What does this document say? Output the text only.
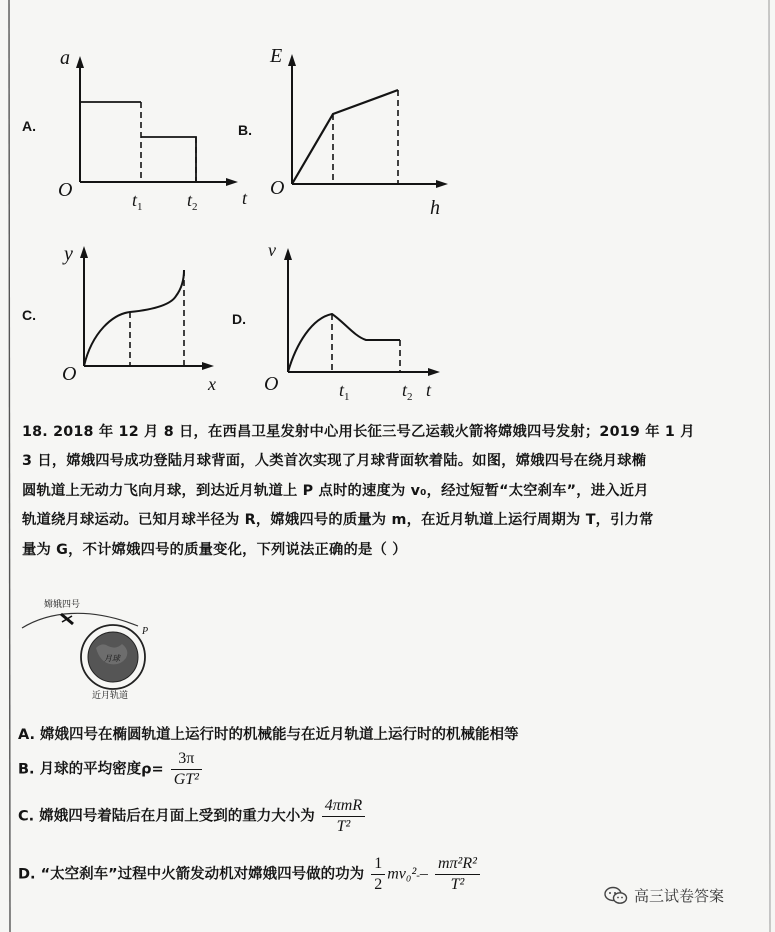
A.
a
O	t
$t_1$ $t_2$
B.
E
O
h
C.
y
O	x
D.
v
O	t
$t_1$	$t_2$
18. 2018 年 12 月 8 日，在西昌卫星发射中心用长征三号乙运载火箭将嫦娥四号发射；2019 年 1 月
3 日，嫦娥四号成功登陆月球背面，人类首次实现了月球背面软着陆。如图，嫦娥四号在绕月球椭
圆轨道上无动力飞向月球，到达近月轨道上 P 点时的速度为 v₀，经过短暂“太空刹车”，进入近月
轨道绕月球运动。已知月球半径为 R，嫦娥四号的质量为 m，在近月轨道上运行周期为 T，引力常
量为 G，不计嫦娥四号的质量变化，下列说法正确的是（ ）
月球
P
嫦娥四号
近月轨道
A. 嫦娥四号在椭圆轨道上运行时的机械能与在近月轨道上运行时的机械能相等
B. 月球的平均密度$\rho= \frac{3\pi}{\text{GT²}}$
C. 嫦娥四号着陆后在月面上受到的重力大小为 $\frac{\text{4πmR}}{\text{T²}}$
D. “太空刹车”过程中火箭发动机对嫦娥四号做的功为 $\frac{1}{2} mv_0^2-- \frac{\text{mπ²R²}}{\text{T²}}$
高三试卷答案
